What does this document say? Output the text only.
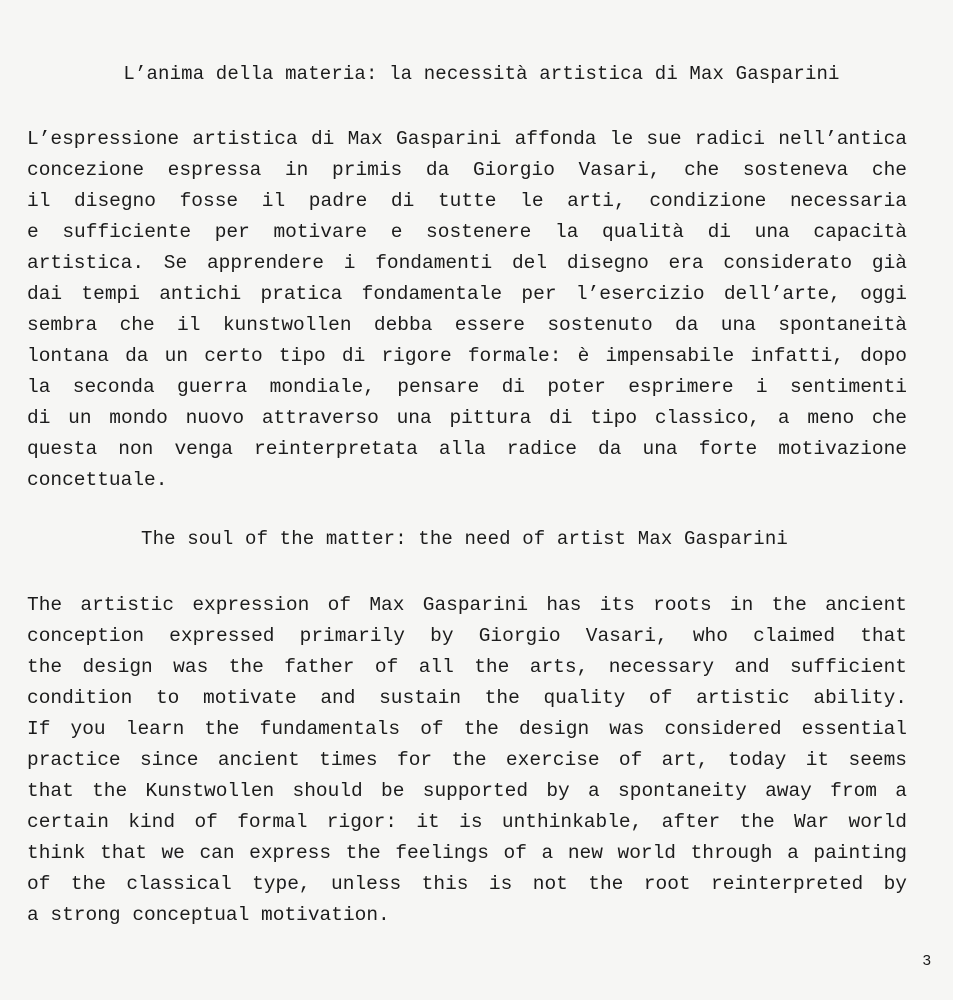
L’anima della materia: la necessità artistica di Max Gasparini

L’espressione artistica di Max Gasparini affonda le sue radici nell’antica
concezione espressa in primis da Giorgio Vasari, che sosteneva che
il disegno fosse il padre di tutte le arti, condizione necessaria
e sufficiente per motivare e sostenere la qualità di una capacità
artistica. Se apprendere i fondamenti del disegno era considerato già
dai tempi antichi pratica fondamentale per l’esercizio dell’arte, oggi
sembra che il kunstwollen debba essere sostenuto da una spontaneità
lontana da un certo tipo di rigore formale: è impensabile infatti, dopo
la seconda guerra mondiale, pensare di poter esprimere i sentimenti
di un mondo nuovo attraverso una pittura di tipo classico, a meno che
questa non venga reinterpretata alla radice da una forte motivazione
concettuale.

The soul of the matter: the need of artist Max Gasparini

The artistic expression of Max Gasparini has its roots in the ancient
conception expressed primarily by Giorgio Vasari, who claimed that
the design was the father of all the arts, necessary and sufficient
condition to motivate and sustain the quality of artistic ability.
If you learn the fundamentals of the design was considered essential
practice since ancient times for the exercise of art, today it seems
that the Kunstwollen should be supported by a spontaneity away from a
certain kind of formal rigor: it is unthinkable, after the War world
think that we can express the feelings of a new world through a painting
of the classical type, unless this is not the root reinterpreted by
a strong conceptual motivation.

3
